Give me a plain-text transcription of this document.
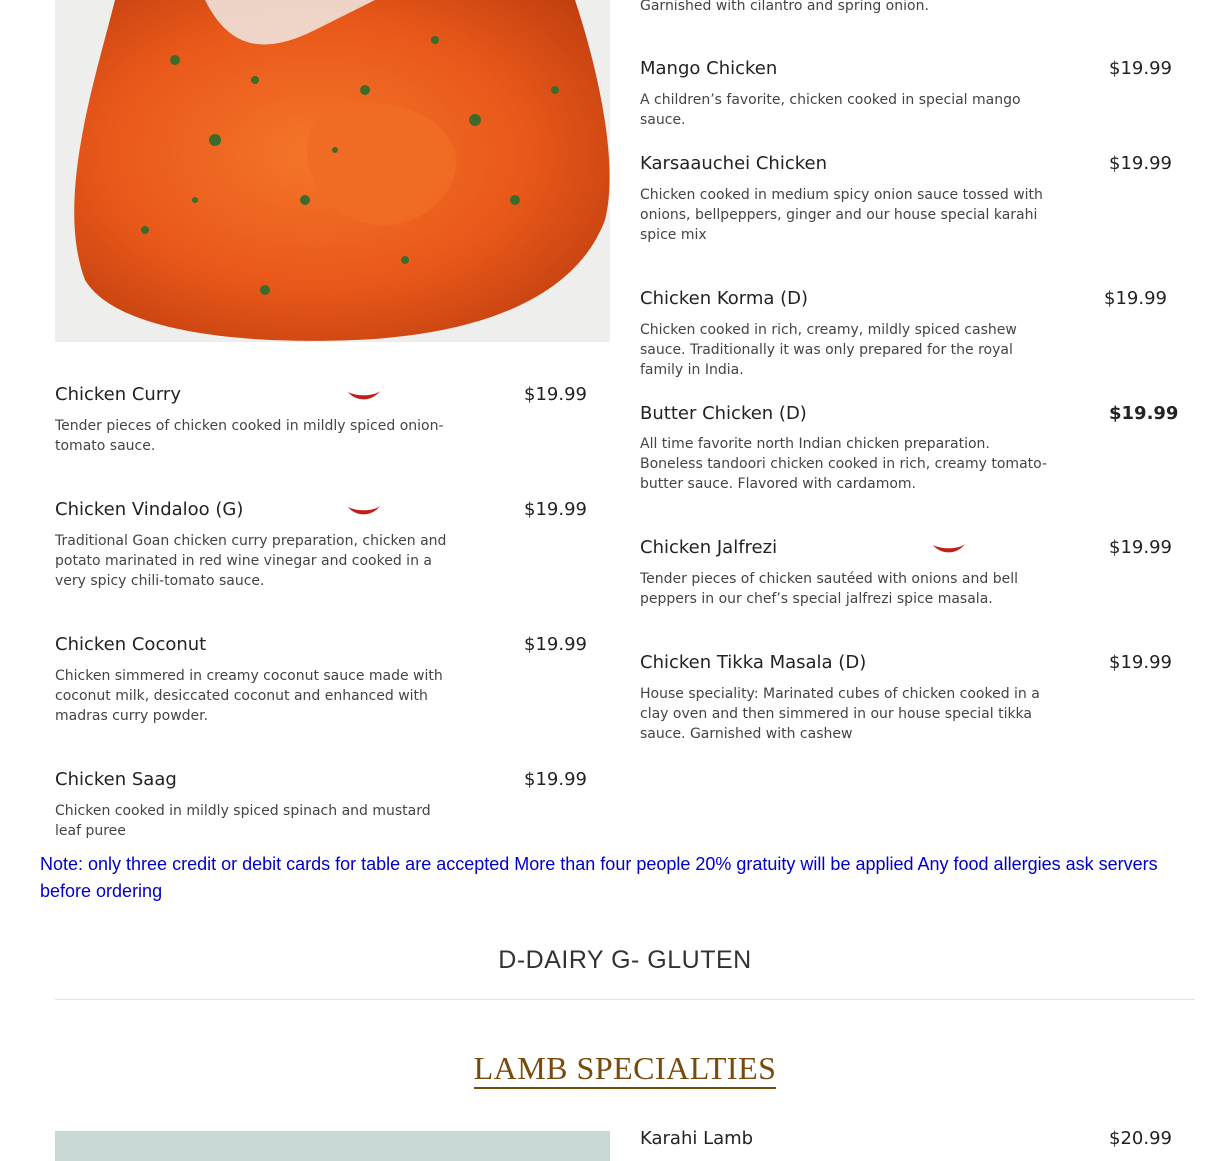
Chicken Curry	$19.99
Tender pieces of chicken cooked in mildly spiced onion-tomato sauce.
Chicken Vindaloo (G)	$19.99
Traditional Goan chicken curry preparation, chicken and potato marinated in red wine vinegar and cooked in a very spicy chili-tomato sauce.
Chicken Coconut	$19.99
Chicken simmered in creamy coconut sauce made with coconut milk, desiccated coconut and enhanced with madras curry powder.
Chicken Saag	$19.99
Chicken cooked in mildly spiced spinach and mustard leaf puree
Garnished with cilantro and spring onion.
Mango Chicken	$19.99
A children’s favorite, chicken cooked in special mango sauce.
Karsaauchei Chicken	$19.99
Chicken cooked in medium spicy onion sauce tossed with onions, bellpeppers, ginger and our house special karahi spice mix
Chicken Korma (D)	$19.99
Chicken cooked in rich, creamy, mildly spiced cashew sauce. Traditionally it was only prepared for the royal family in India.
Butter Chicken (D)	$19.99
All time favorite north Indian chicken preparation. Boneless tandoori chicken cooked in rich, creamy tomato-butter sauce. Flavored with cardamom.
Chicken Jalfrezi	$19.99
Tender pieces of chicken sautéed with onions and bell peppers in our chef’s special jalfrezi spice masala.
Chicken Tikka Masala (D)	$19.99
House speciality: Marinated cubes of chicken cooked in a clay oven and then simmered in our house special tikka sauce. Garnished with cashew
Note: only three credit or debit cards for table are accepted More than four people 20% gratuity will be applied Any food allergies ask servers before ordering
D-DAIRY G- GLUTEN
LAMB SPECIALTIES
Karahi Lamb	$20.99
